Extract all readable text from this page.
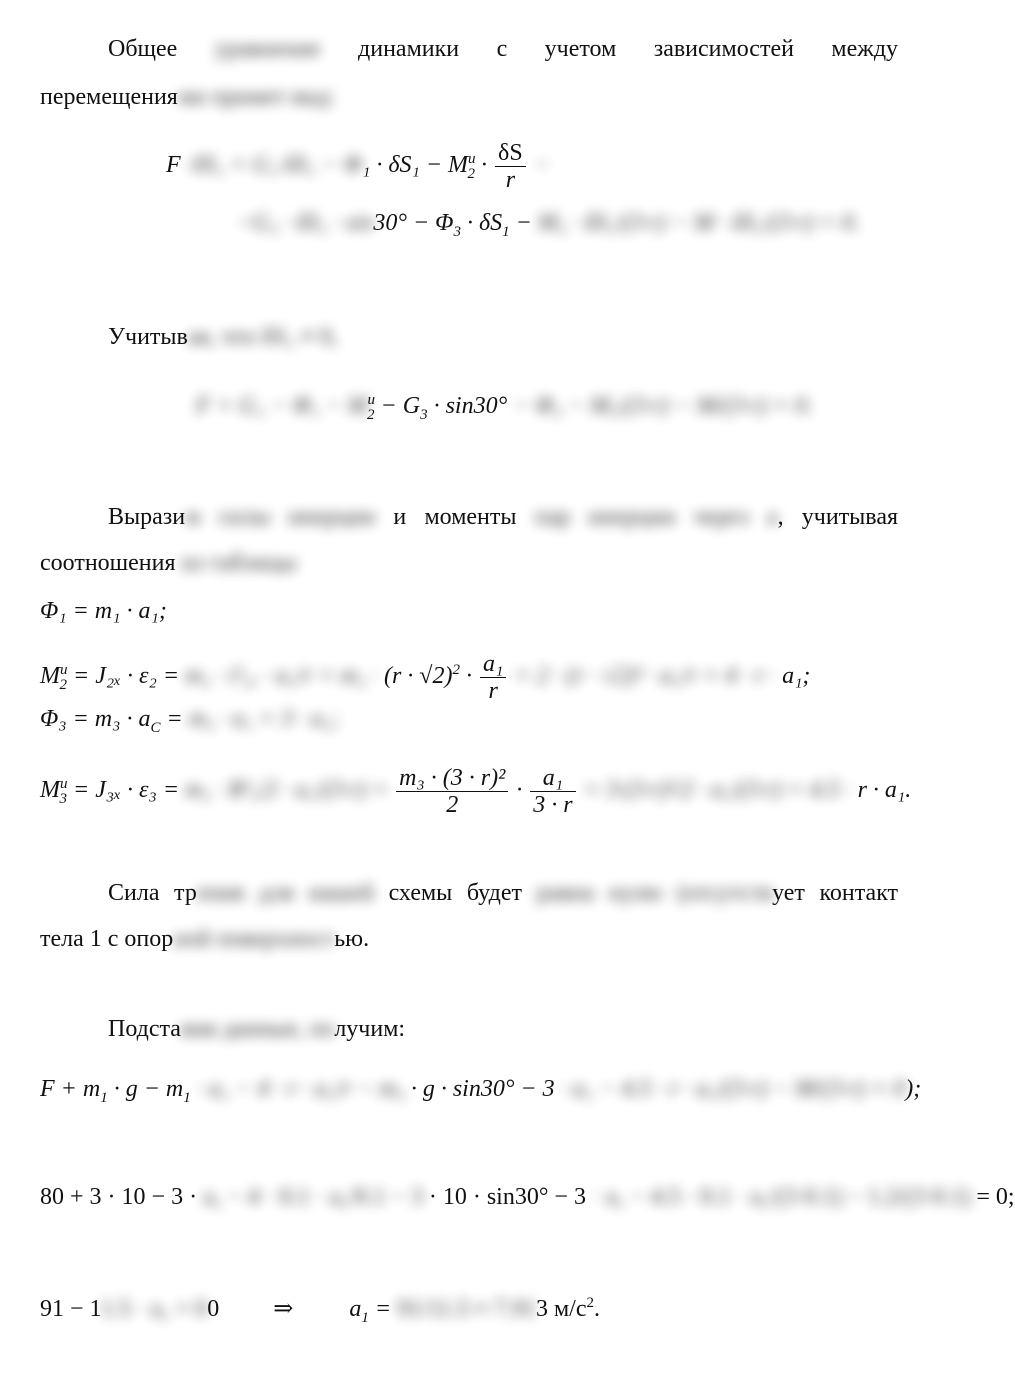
Общее уравнение динамики с учетом зависимостей между
перемещениями примет вид:
$F \cdot\delta S_1 + G_1\cdot\delta S_1 - \Phi_1 \cdot \delta S_1 - M^u_2 \cdot \frac{\delta S}{r}$ −
$-G_3 \cdot \delta S_1 \cdot \sin 30^\circ - \Phi_3 \cdot \delta S_1 - M_3 \cdot \delta S_1/(3\cdot r) - M \cdot \delta S_1/(3\cdot r) = 0$.
Учитывая, что δS₁ ≠ 0,
$F + G_1 - \Phi_1 - M^u_2 - G_3 \cdot \sin 30^\circ - \Phi_3 - M_3/(3\cdot r) - M/(3\cdot r) = 0$.
Выразим силы инерции и моменты пар инерции через a, учитывая
соотношения из таблицы
Φ₁ = m₁ · a₁;
$M^u_2 = J_{2x} \cdot \varepsilon_2 = m_2 \cdot i^2_{2x} \cdot a_1/r = m_2 \cdot (r \cdot √2)^2 \cdot \frac{\text{a₁}}{r} = 2 \cdot (r \cdot √2)^2 \cdot a_1/r = 4 \cdot r \cdot a_1$;
$\Phi_3 = m_3 \cdot a_C = m_3 \cdot a_1 = 3 \cdot a_1$;
$M^u_3 = J_{3x} \cdot \varepsilon_3 = m_3 \cdot R^2_3/2 \cdot a_1/(3\cdot r) = \frac{\text{m₃ · (3 · r)²}}{2} \cdot \frac{\text{a₁}}{3 \cdot r} = 3\cdot(3\cdot r)^2/2 \cdot a_1/(3\cdot r) = 4.5 \cdot r \cdot a_1$.
Сила трения для нашей схемы будет равна нулю (отсутствует контакт
тела 1 с опорной поверхностью.
Подставив данные, получим:
$F + m_1 \cdot g - m_1 \cdot a_1 - 4 \cdot r \cdot a_1/r - m_3 \cdot g \cdot \sin 30^\circ - 3 \cdot a_1 - 4.5 \cdot r \cdot a_1/(3\cdot r) - M/(3\cdot r) = 0$);
80 + 3 · 10 − 3 · a₁ − 4 · 0.1 · a₁/0.1 − 3 · 10 · sin30° − 3 · a₁ − 4.5 · 0.1 · a₁/(3·0.1) − 1.2/(3·0.1) = 0;
91 − 11.5 · a₁ = 00 ⇒ $a_1 = 91/11.5 \approx 7.913$ $м/с^2$.
